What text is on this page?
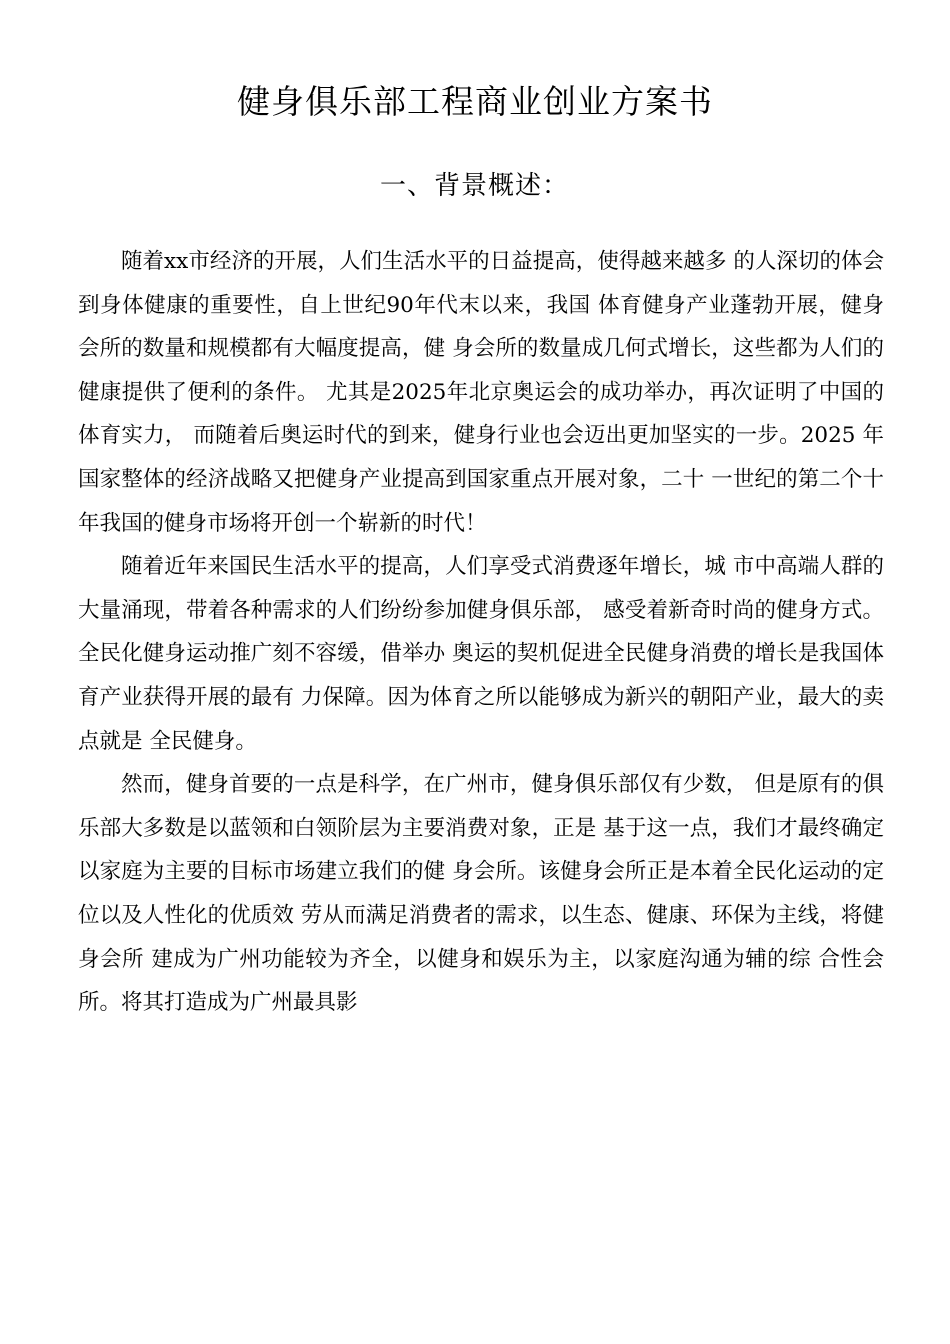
健身俱乐部工程商业创业方案书
一、背景概述：

随着xx市经济的开展，人们生活水平的日益提高，使得越来越多 的人深切的体会到身体健康的重要性，自上世纪90年代末以来，我国 体育健身产业蓬勃开展，健身会所的数量和规模都有大幅度提高，健 身会所的数量成几何式增长，这些都为人们的健康提供了便利的条件。 尤其是2025年北京奥运会的成功举办，再次证明了中国的体育实力， 而随着后奥运时代的到来，健身行业也会迈出更加坚实的一步。2025 年国家整体的经济战略又把健身产业提高到国家重点开展对象，二十 一世纪的第二个十年我国的健身市场将开创一个崭新的时代！

随着近年来国民生活水平的提高，人们享受式消费逐年增长，城 市中高端人群的大量涌现，带着各种需求的人们纷纷参加健身俱乐部， 感受着新奇时尚的健身方式。全民化健身运动推广刻不容缓，借举办 奥运的契机促进全民健身消费的增长是我国体育产业获得开展的最有 力保障。因为体育之所以能够成为新兴的朝阳产业，最大的卖点就是 全民健身。

然而，健身首要的一点是科学，在广州市，健身俱乐部仅有少数， 但是原有的俱乐部大多数是以蓝领和白领阶层为主要消费对象，正是 基于这一点，我们才最终确定以家庭为主要的目标市场建立我们的健 身会所。该健身会所正是本着全民化运动的定位以及人性化的优质效 劳从而满足消费者的需求，以生态、健康、环保为主线，将健身会所 建成为广州功能较为齐全，以健身和娱乐为主，以家庭沟通为辅的综 合性会所。将其打造成为广州最具影
